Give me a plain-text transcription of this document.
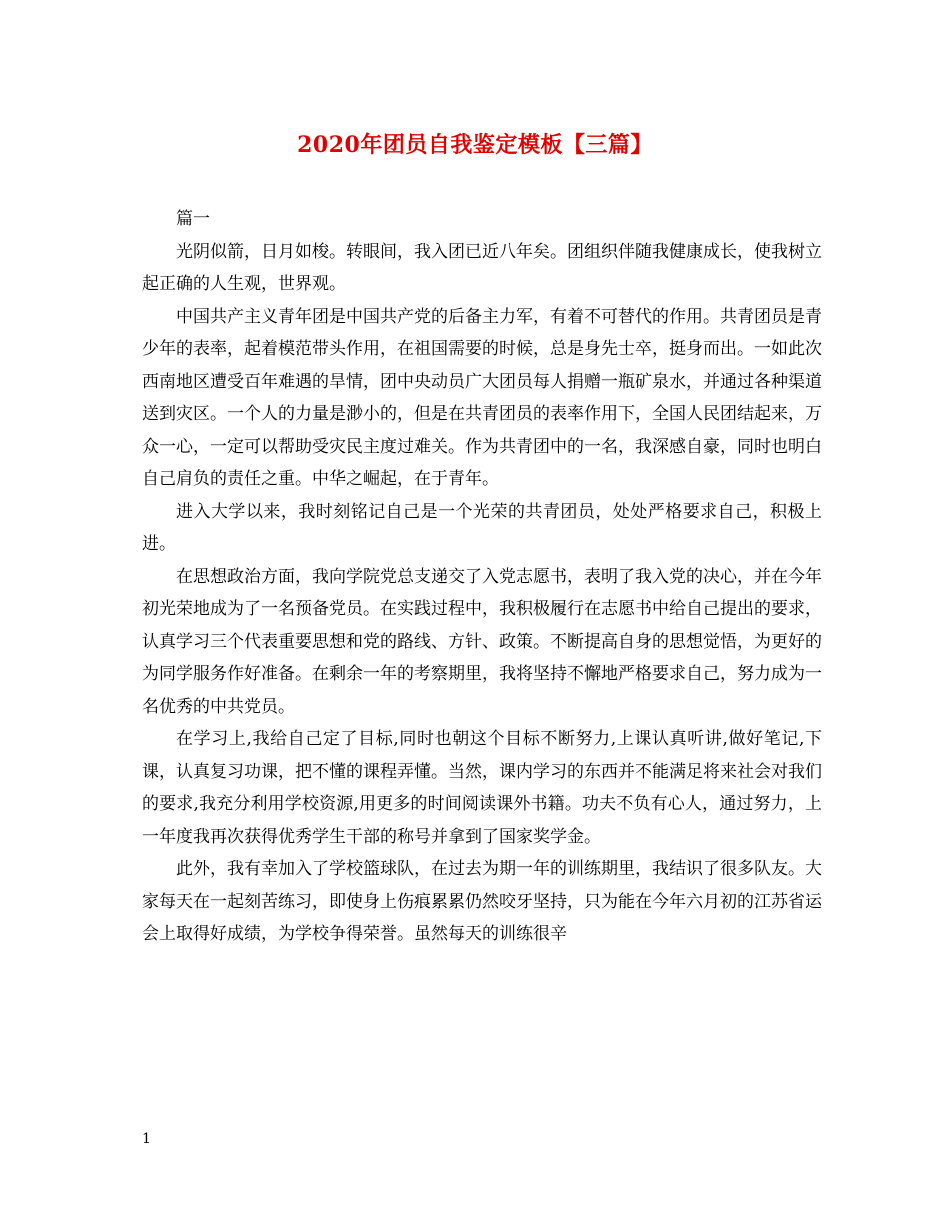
2020年团员自我鉴定模板【三篇】

篇一

光阴似箭，日月如梭。转眼间，我入团已近八年矣。团组织伴随我健康成长，使我树立起正确的人生观，世界观。

中国共产主义青年团是中国共产党的后备主力军，有着不可替代的作用。共青团员是青少年的表率，起着模范带头作用，在祖国需要的时候，总是身先士卒，挺身而出。一如此次西南地区遭受百年难遇的旱情，团中央动员广大团员每人捐赠一瓶矿泉水，并通过各种渠道送到灾区。一个人的力量是渺小的，但是在共青团员的表率作用下，全国人民团结起来，万众一心，一定可以帮助受灾民主度过难关。作为共青团中的一名，我深感自豪，同时也明白自己肩负的责任之重。中华之崛起，在于青年。

进入大学以来，我时刻铭记自己是一个光荣的共青团员，处处严格要求自己，积极上进。

在思想政治方面，我向学院党总支递交了入党志愿书，表明了我入党的决心，并在今年初光荣地成为了一名预备党员。在实践过程中，我积极履行在志愿书中给自己提出的要求，认真学习三个代表重要思想和党的路线、方针、政策。不断提高自身的思想觉悟，为更好的为同学服务作好准备。在剩余一年的考察期里，我将坚持不懈地严格要求自己，努力成为一名优秀的中共党员。

在学习上,我给自己定了目标,同时也朝这个目标不断努力,上课认真听讲,做好笔记,下课，认真复习功课，把不懂的课程弄懂。当然，课内学习的东西并不能满足将来社会对我们的要求,我充分利用学校资源,用更多的时间阅读课外书籍。功夫不负有心人，通过努力，上一年度我再次获得优秀学生干部的称号并拿到了国家奖学金。

此外，我有幸加入了学校篮球队，在过去为期一年的训练期里，我结识了很多队友。大家每天在一起刻苦练习，即使身上伤痕累累仍然咬牙坚持，只为能在今年六月初的江苏省运会上取得好成绩，为学校争得荣誉。虽然每天的训练很辛

1
